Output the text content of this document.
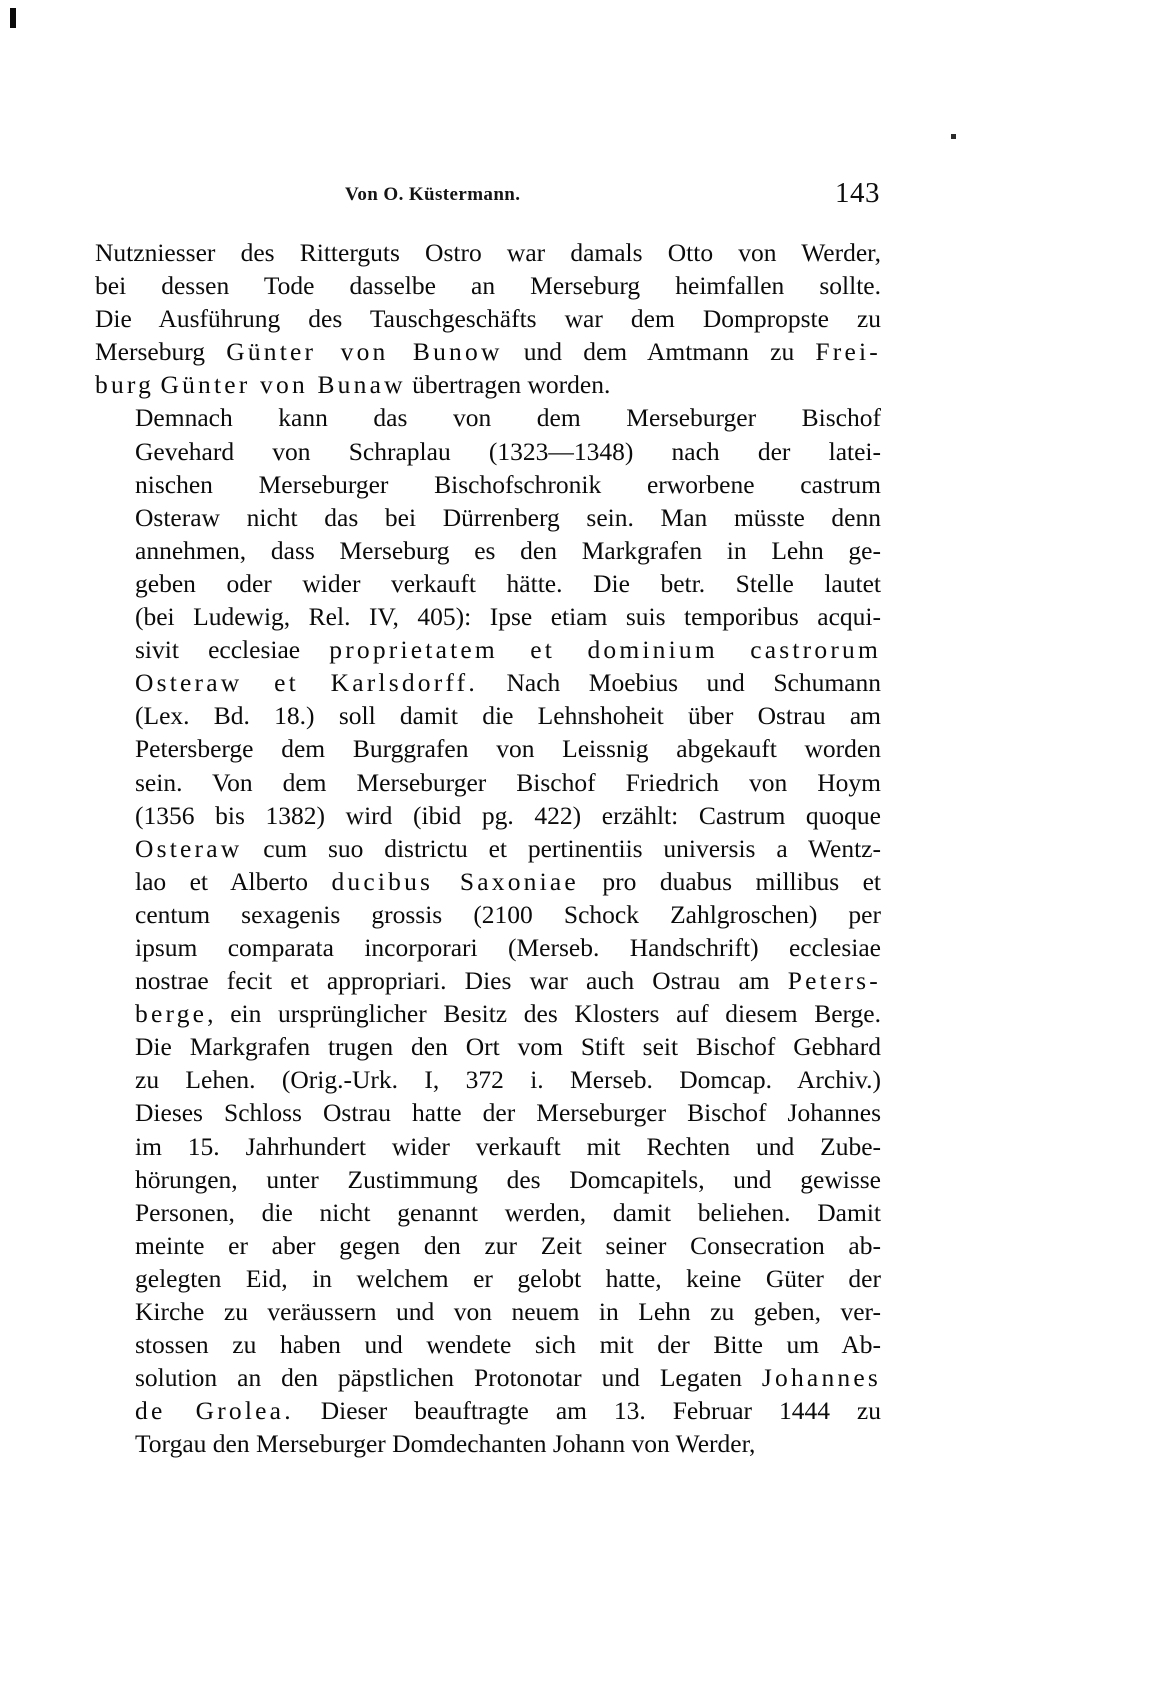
Von O. Küstermann.	143

Nutzniesser des Ritterguts Ostro war damals Otto von Werder,
bei dessen Tode dasselbe an Merseburg heimfallen sollte.
Die Ausführung des Tauschgeschäfts war dem Dompropste zu
Merseburg Günter von Bunow und dem Amtmann zu Frei-
burg Günter von Bunaw übertragen worden.

Demnach kann das von dem Merseburger Bischof
Gevehard von Schraplau (1323—1348) nach der latei-
nischen Merseburger Bischofschronik erworbene castrum
Osteraw nicht das bei Dürrenberg sein. Man müsste denn
annehmen, dass Merseburg es den Markgrafen in Lehn ge-
geben oder wider verkauft hätte. Die betr. Stelle lautet
(bei Ludewig, Rel. IV, 405): Ipse etiam suis temporibus acqui-
sivit ecclesiae proprietatem et dominium castrorum
Osteraw et Karlsdorff. Nach Moebius und Schumann
(Lex. Bd. 18.) soll damit die Lehnshoheit über Ostrau am
Petersberge dem Burggrafen von Leissnig abgekauft worden
sein. Von dem Merseburger Bischof Friedrich von Hoym
(1356 bis 1382) wird (ibid pg. 422) erzählt: Castrum quoque
Osteraw cum suo districtu et pertinentiis universis a Wentz-
lao et Alberto ducibus Saxoniae pro duabus millibus et
centum sexagenis grossis (2100 Schock Zahlgroschen) per
ipsum comparata incorporari (Merseb. Handschrift) ecclesiae
nostrae fecit et appropriari. Dies war auch Ostrau am Peters-
berge, ein ursprünglicher Besitz des Klosters auf diesem Berge.
Die Markgrafen trugen den Ort vom Stift seit Bischof Gebhard
zu Lehen. (Orig.-Urk. I, 372 i. Merseb. Domcap. Archiv.)
Dieses Schloss Ostrau hatte der Merseburger Bischof Johannes
im 15. Jahrhundert wider verkauft mit Rechten und Zube-
hörungen, unter Zustimmung des Domcapitels, und gewisse
Personen, die nicht genannt werden, damit beliehen. Damit
meinte er aber gegen den zur Zeit seiner Consecration ab-
gelegten Eid, in welchem er gelobt hatte, keine Güter der
Kirche zu veräussern und von neuem in Lehn zu geben, ver-
stossen zu haben und wendete sich mit der Bitte um Ab-
solution an den päpstlichen Protonotar und Legaten Johannes
de Grolea. Dieser beauftragte am 13. Februar 1444 zu
Torgau den Merseburger Domdechanten Johann von Werder,
